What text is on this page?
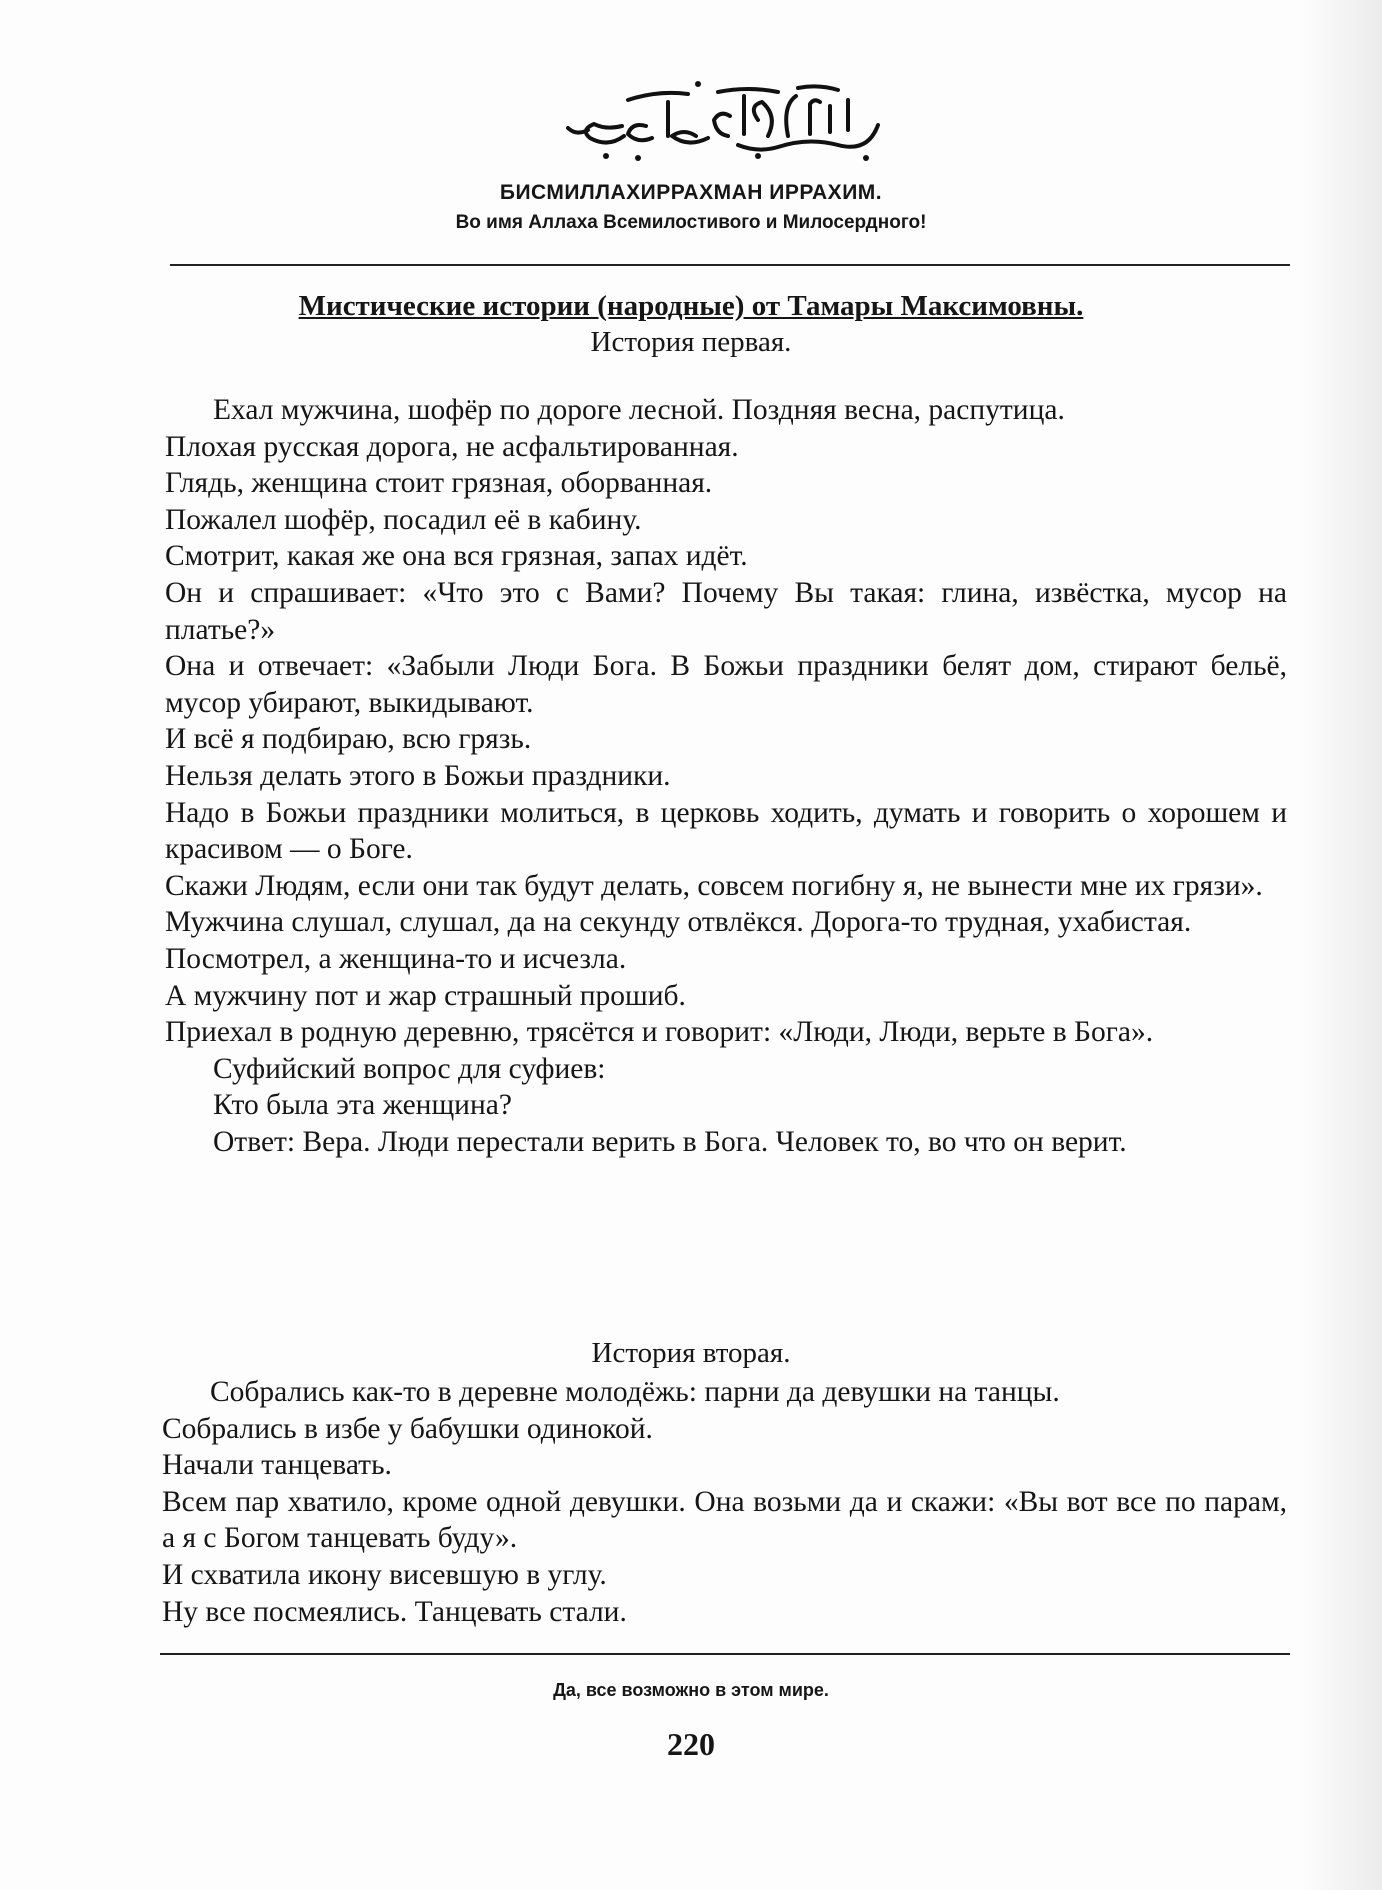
БИСМИЛЛАХИРРАХМАН ИРРАХИМ.

Во имя Аллаха Всемилостивого и Милосердного!

Мистические истории (народные) от Тамары Максимовны.

История первая.

Ехал мужчина, шофёр по дороге лесной. Поздняя весна, распутица.

Плохая русская дорога, не асфальтированная.

Глядь, женщина стоит грязная, оборванная.

Пожалел шофёр, посадил её в кабину.

Смотрит, какая же она вся грязная, запах идёт.

Он и спрашивает: «Что это с Вами? Почему Вы такая: глина, извёстка, мусор на платье?»

Она и отвечает: «Забыли Люди Бога. В Божьи праздники белят дом, стирают бельё, мусор убирают, выкидывают.

И всё я подбираю, всю грязь.

Нельзя делать этого в Божьи праздники.

Надо в Божьи праздники молиться, в церковь ходить, думать и говорить о хорошем и красивом — о Боге.

Скажи Людям, если они так будут делать, совсем погибну я, не вынести мне их грязи».

Мужчина слушал, слушал, да на секунду отвлёкся. Дорога-то трудная, ухабистая.

Посмотрел, а женщина-то и исчезла.

А мужчину пот и жар страшный прошиб.

Приехал в родную деревню, трясётся и говорит: «Люди, Люди, верьте в Бога».

Суфийский вопрос для суфиев:

Кто была эта женщина?

Ответ: Вера. Люди перестали верить в Бога. Человек то, во что он верит.

История вторая.

Собрались как-то в деревне молодёжь: парни да девушки на танцы.

Собрались в избе у бабушки одинокой.

Начали танцевать.

Всем пар хватило, кроме одной девушки. Она возьми да и скажи: «Вы вот все по парам, а я с Богом танцевать буду».

И схватила икону висевшую в углу.

Ну все посмеялись. Танцевать стали.

Да, все возможно в этом мире.

220
